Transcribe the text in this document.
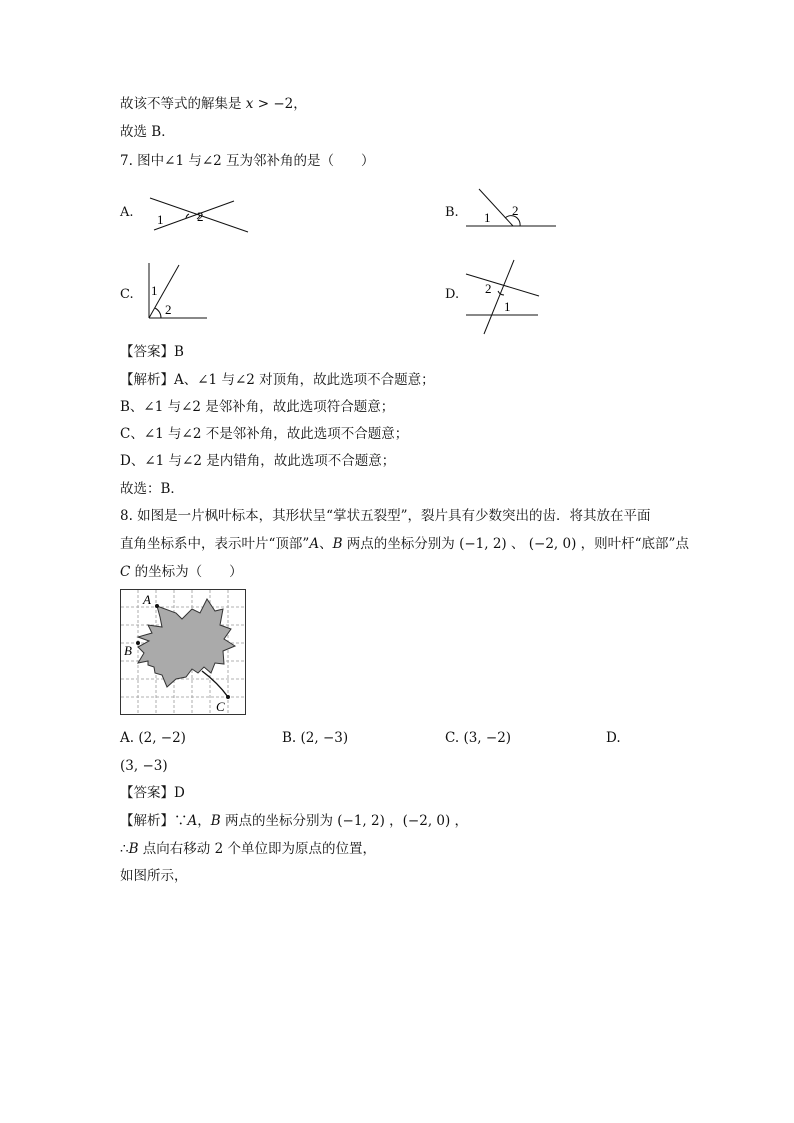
故该不等式的解集是 x > −2，
故选 B．
7. 图中∠1 与∠2 互为邻补角的是（　　）
A. 1	2	B. 1 2
C. 1
2
D. 2
1
【答案】B
【解析】A、∠1 与∠2 对顶角，故此选项不合题意；
B、∠1 与∠2 是邻补角，故此选项符合题意；
C、∠1 与∠2 不是邻补角，故此选项不合题意；
D、∠1 与∠2 是内错角，故此选项不合题意；
故选：B．
8. 如图是一片枫叶标本，其形状呈“掌状五裂型”，裂片具有少数突出的齿．将其放在平面
直角坐标系中，表示叶片“顶部”A、B 两点的坐标分别为 (−1, 2) 、 (−2, 0) ，则叶杆“底部”点
C 的坐标为（　　）
A
B
C
A. (2, −2)	B. (2, −3)	C. (3, −2)	D.
(3, −3)
【答案】D
【解析】∵A，B 两点的坐标分别为 (−1, 2) ，(−2, 0) ，
∴B 点向右移动 2 个单位即为原点的位置，
如图所示，
